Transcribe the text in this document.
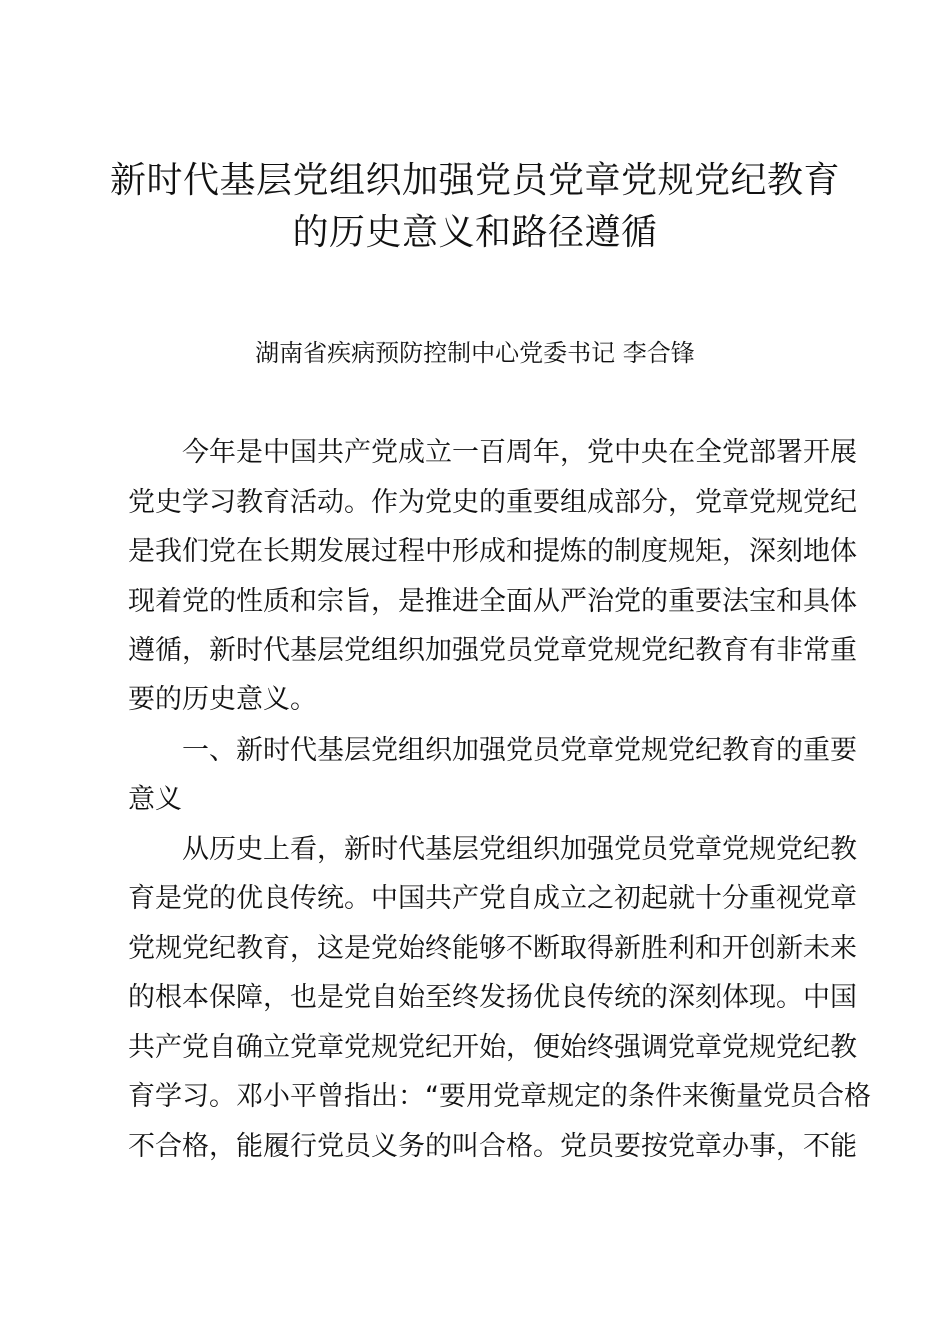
新时代基层党组织加强党员党章党规党纪教育
的历史意义和路径遵循
湖南省疾病预防控制中心党委书记 李合锋
今年是中国共产党成立一百周年，党中央在全党部署开展
党史学习教育活动。作为党史的重要组成部分，党章党规党纪
是我们党在长期发展过程中形成和提炼的制度规矩，深刻地体
现着党的性质和宗旨，是推进全面从严治党的重要法宝和具体
遵循，新时代基层党组织加强党员党章党规党纪教育有非常重
要的历史意义。
一、新时代基层党组织加强党员党章党规党纪教育的重要
意义
从历史上看，新时代基层党组织加强党员党章党规党纪教
育是党的优良传统。中国共产党自成立之初起就十分重视党章
党规党纪教育，这是党始终能够不断取得新胜利和开创新未来
的根本保障，也是党自始至终发扬优良传统的深刻体现。中国
共产党自确立党章党规党纪开始，便始终强调党章党规党纪教
育学习。邓小平曾指出：“要用党章规定的条件来衡量党员合格
不合格，能履行党员义务的叫合格。党员要按党章办事，不能
